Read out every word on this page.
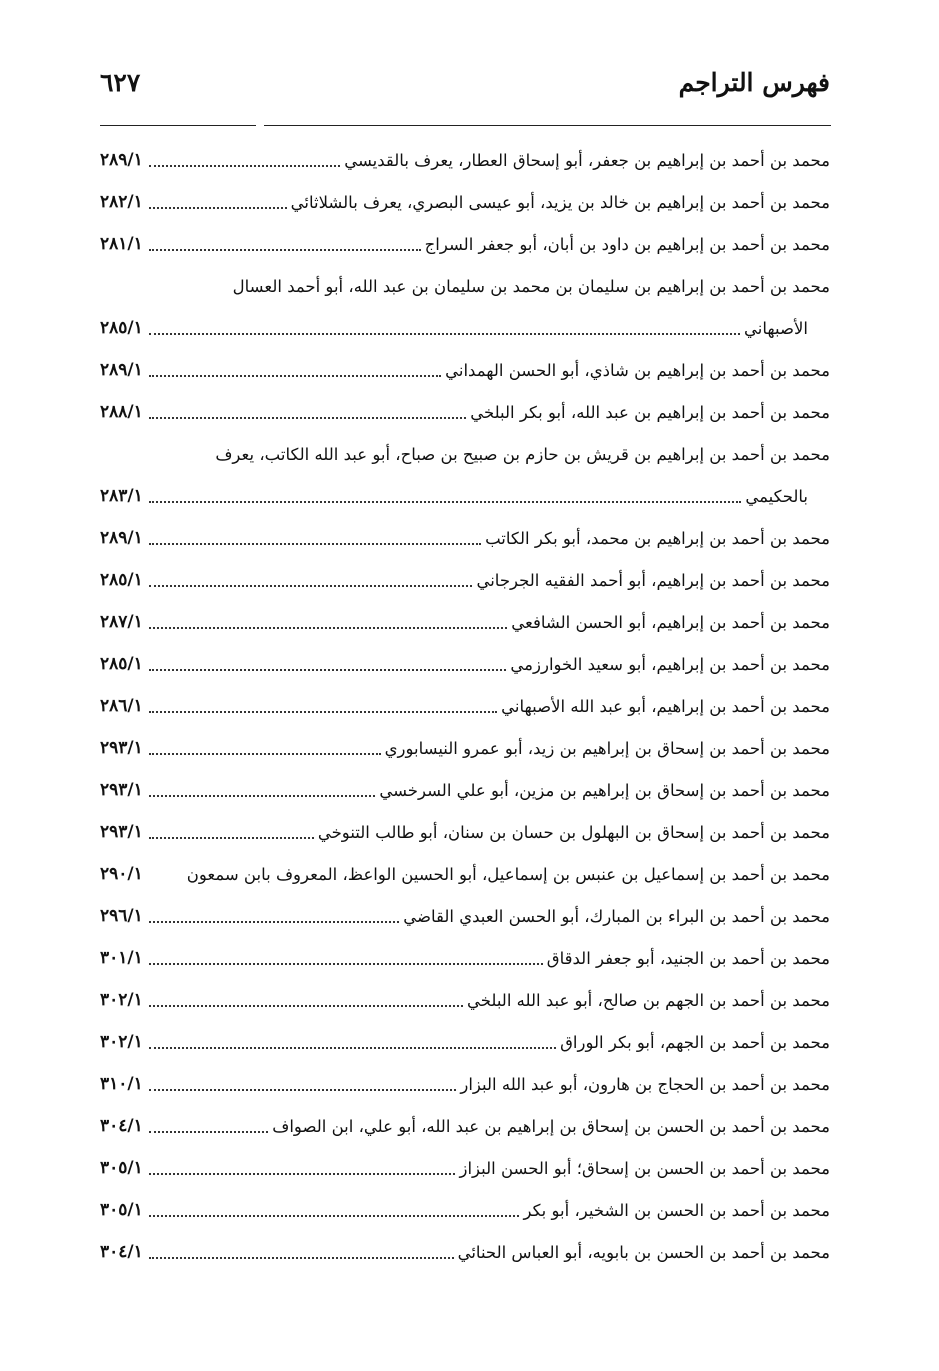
فهرس التراجم
٦٢٧
محمد بن أحمد بن إبراهيم بن جعفر، أبو إسحاق العطار، يعرف بالقديسي
٢٨٩/١
محمد بن أحمد بن إبراهيم بن خالد بن يزيد، أبو عيسى البصري، يعرف بالشلاثائي
٢٨٢/١
محمد بن أحمد بن إبراهيم بن داود بن أبان، أبو جعفر السراج
٢٨١/١
محمد بن أحمد بن إبراهيم بن سليمان بن محمد بن سليمان بن عبد الله، أبو أحمد العسال
الأصبهاني
٢٨٥/١
محمد بن أحمد بن إبراهيم بن شاذي، أبو الحسن الهمداني
٢٨٩/١
محمد بن أحمد بن إبراهيم بن عبد الله، أبو بكر البلخي
٢٨٨/١
محمد بن أحمد بن إبراهيم بن قريش بن حازم بن صبيح بن صباح، أبو عبد الله الكاتب، يعرف
بالحكيمي
٢٨٣/١
محمد بن أحمد بن إبراهيم بن محمد، أبو بكر الكاتب
٢٨٩/١
محمد بن أحمد بن إبراهيم، أبو أحمد الفقيه الجرجاني
٢٨٥/١
محمد بن أحمد بن إبراهيم، أبو الحسن الشافعي
٢٨٧/١
محمد بن أحمد بن إبراهيم، أبو سعيد الخوارزمي
٢٨٥/١
محمد بن أحمد بن إبراهيم، أبو عبد الله الأصبهاني
٢٨٦/١
محمد بن أحمد بن إسحاق بن إبراهيم بن زيد، أبو عمرو النيسابوري
٢٩٣/١
محمد بن أحمد بن إسحاق بن إبراهيم بن مزين، أبو علي السرخسي
٢٩٣/١
محمد بن أحمد بن إسحاق بن البهلول بن حسان بن سنان، أبو طالب التنوخي
٢٩٣/١
محمد بن أحمد بن إسماعيل بن عنبس بن إسماعيل، أبو الحسين الواعظ، المعروف بابن سمعون
٢٩٠/١
محمد بن أحمد بن البراء بن المبارك، أبو الحسن العبدي القاضي
٢٩٦/١
محمد بن أحمد بن الجنيد، أبو جعفر الدقاق
٣٠١/١
محمد بن أحمد بن الجهم بن صالح، أبو عبد الله البلخي
٣٠٢/١
محمد بن أحمد بن الجهم، أبو بكر الوراق
٣٠٢/١
محمد بن أحمد بن الحجاج بن هارون، أبو عبد الله البزار
٣١٠/١
محمد بن أحمد بن الحسن بن إسحاق بن إبراهيم بن عبد الله، أبو علي، ابن الصواف
٣٠٤/١
محمد بن أحمد بن الحسن بن إسحاق؛ أبو الحسن البزاز
٣٠٥/١
محمد بن أحمد بن الحسن بن الشخير، أبو بكر
٣٠٥/١
محمد بن أحمد بن الحسن بن بابويه، أبو العباس الحنائي
٣٠٤/١
